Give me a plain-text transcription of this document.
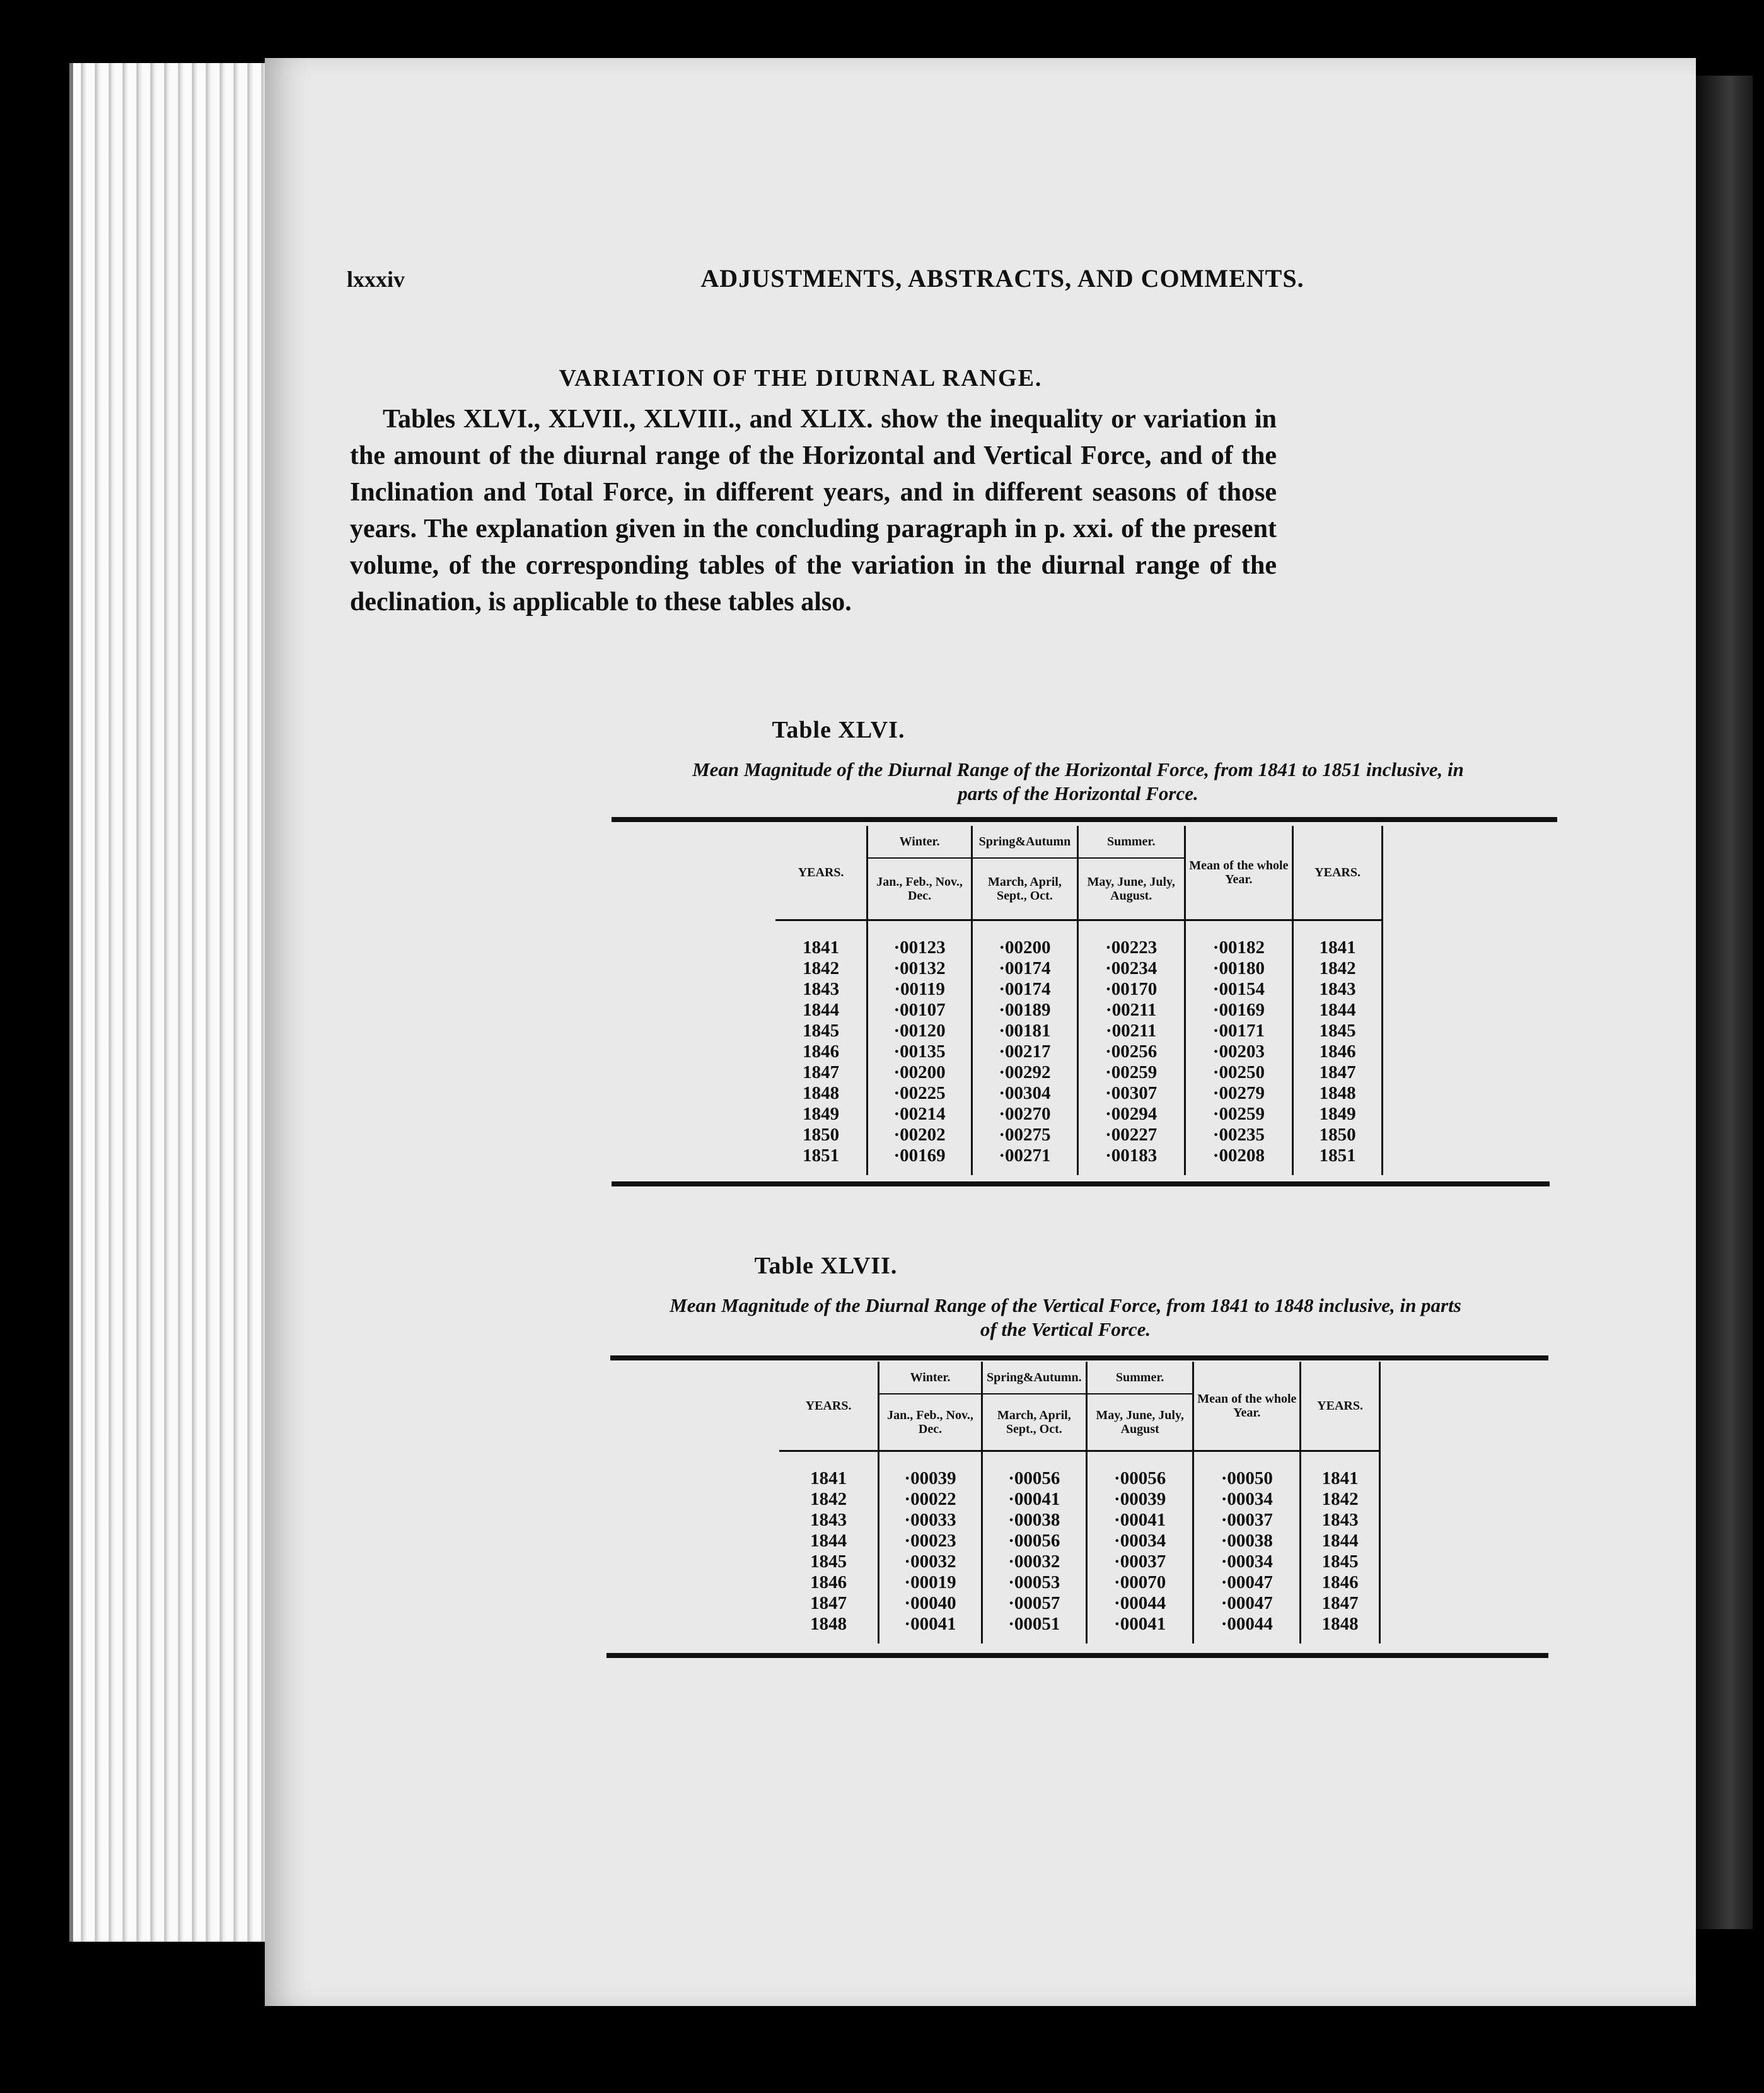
lxxxiv	ADJUSTMENTS, ABSTRACTS, AND COMMENTS.
VARIATION OF THE DIURNAL RANGE.
Tables XLVI., XLVII., XLVIII., and XLIX. show the inequality or variation in the amount of the diurnal range of the Horizontal and Vertical Force, and of the Inclination and Total Force, in different years, and in different seasons of those years. The explanation given in the concluding paragraph in p. xxi. of the present volume, of the corresponding tables of the variation in the diurnal range of the declination, is applicable to these tables also.
Table XLVI.
Mean Magnitude of the Diurnal Range of the Horizontal Force, from 1841 to 1851 inclusive, in
parts of the Horizontal Force.
YEARS.	Winter.	Spring&Autumn	Summer.	Mean of the whole Year.	YEARS.
	Jan., Feb., Nov., Dec.	March, April, Sept., Oct.	May, June, July, August.		

1841	·00123	·00200	·00223	·00182	1841
1842	·00132	·00174	·00234	·00180	1842
1843	·00119	·00174	·00170	·00154	1843
1844	·00107	·00189	·00211	·00169	1844
1845	·00120	·00181	·00211	·00171	1845
1846	·00135	·00217	·00256	·00203	1846
1847	·00200	·00292	·00259	·00250	1847
1848	·00225	·00304	·00307	·00279	1848
1849	·00214	·00270	·00294	·00259	1849
1850	·00202	·00275	·00227	·00235	1850
1851	·00169	·00271	·00183	·00208	1851

Table XLVII.
Mean Magnitude of the Diurnal Range of the Vertical Force, from 1841 to 1848 inclusive, in parts
of the Vertical Force.
YEARS.	Winter.	Spring&Autumn.	Summer.	Mean of the whole Year.	YEARS.
	Jan., Feb., Nov., Dec.	March, April, Sept., Oct.	May, June, July, August		

1841	·00039	·00056	·00056	·00050	1841
1842	·00022	·00041	·00039	·00034	1842
1843	·00033	·00038	·00041	·00037	1843
1844	·00023	·00056	·00034	·00038	1844
1845	·00032	·00032	·00037	·00034	1845
1846	·00019	·00053	·00070	·00047	1846
1847	·00040	·00057	·00044	·00047	1847
1848	·00041	·00051	·00041	·00044	1848
